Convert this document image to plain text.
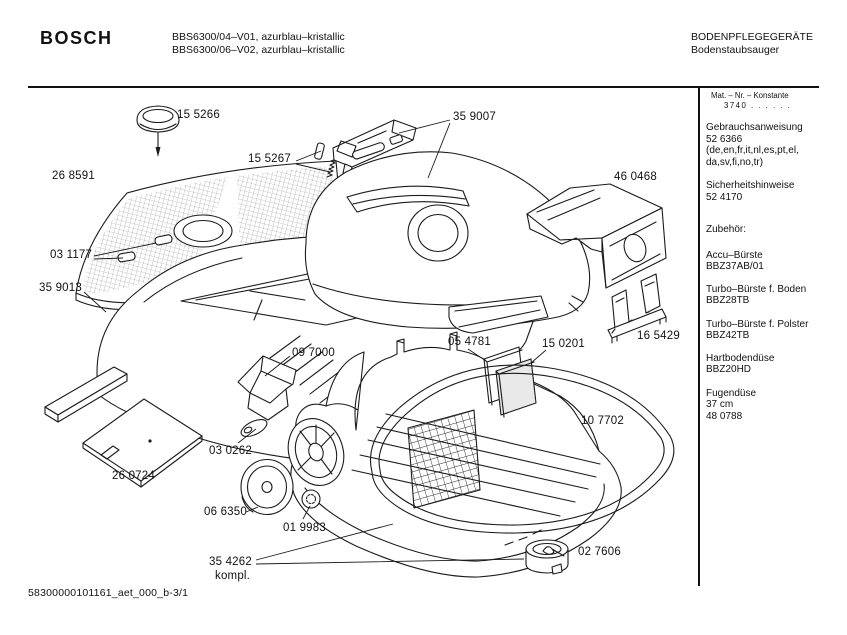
BOSCH	BBS6300/04–V01, azurblau–kristallic
BBS6300/06–V02, azurblau–kristallic
BODENPFLEGEGERÄTE
Bodenstaubsauger
Mat. – Nr. – Konstante
3740 . . . . . .
Gebrauchsanweisung
52 6366
(de,en,fr,it,nl,es,pt,el,
da,sv,fi,no,tr)
Sicherheitshinweise
52 4170
Zubehör:
Accu–Bürste
BBZ37AB/01
Turbo–Bürste f. Boden
BBZ28TB
Turbo–Bürste f. Polster
BBZ42TB
Hartbodendüse
BBZ20HD
Fugendüse
37 cm
48 0788
15 5266
26 8591
15 5267
35 9007
46 0468
03 1177
35 9013
09 7000
05 4781	15 0201
16 5429
10 7702
03 0262
26 0724
06 6350
01 9983
35 4262
kompl.
02 7606
58300000101161_aet_000_b-3/1
